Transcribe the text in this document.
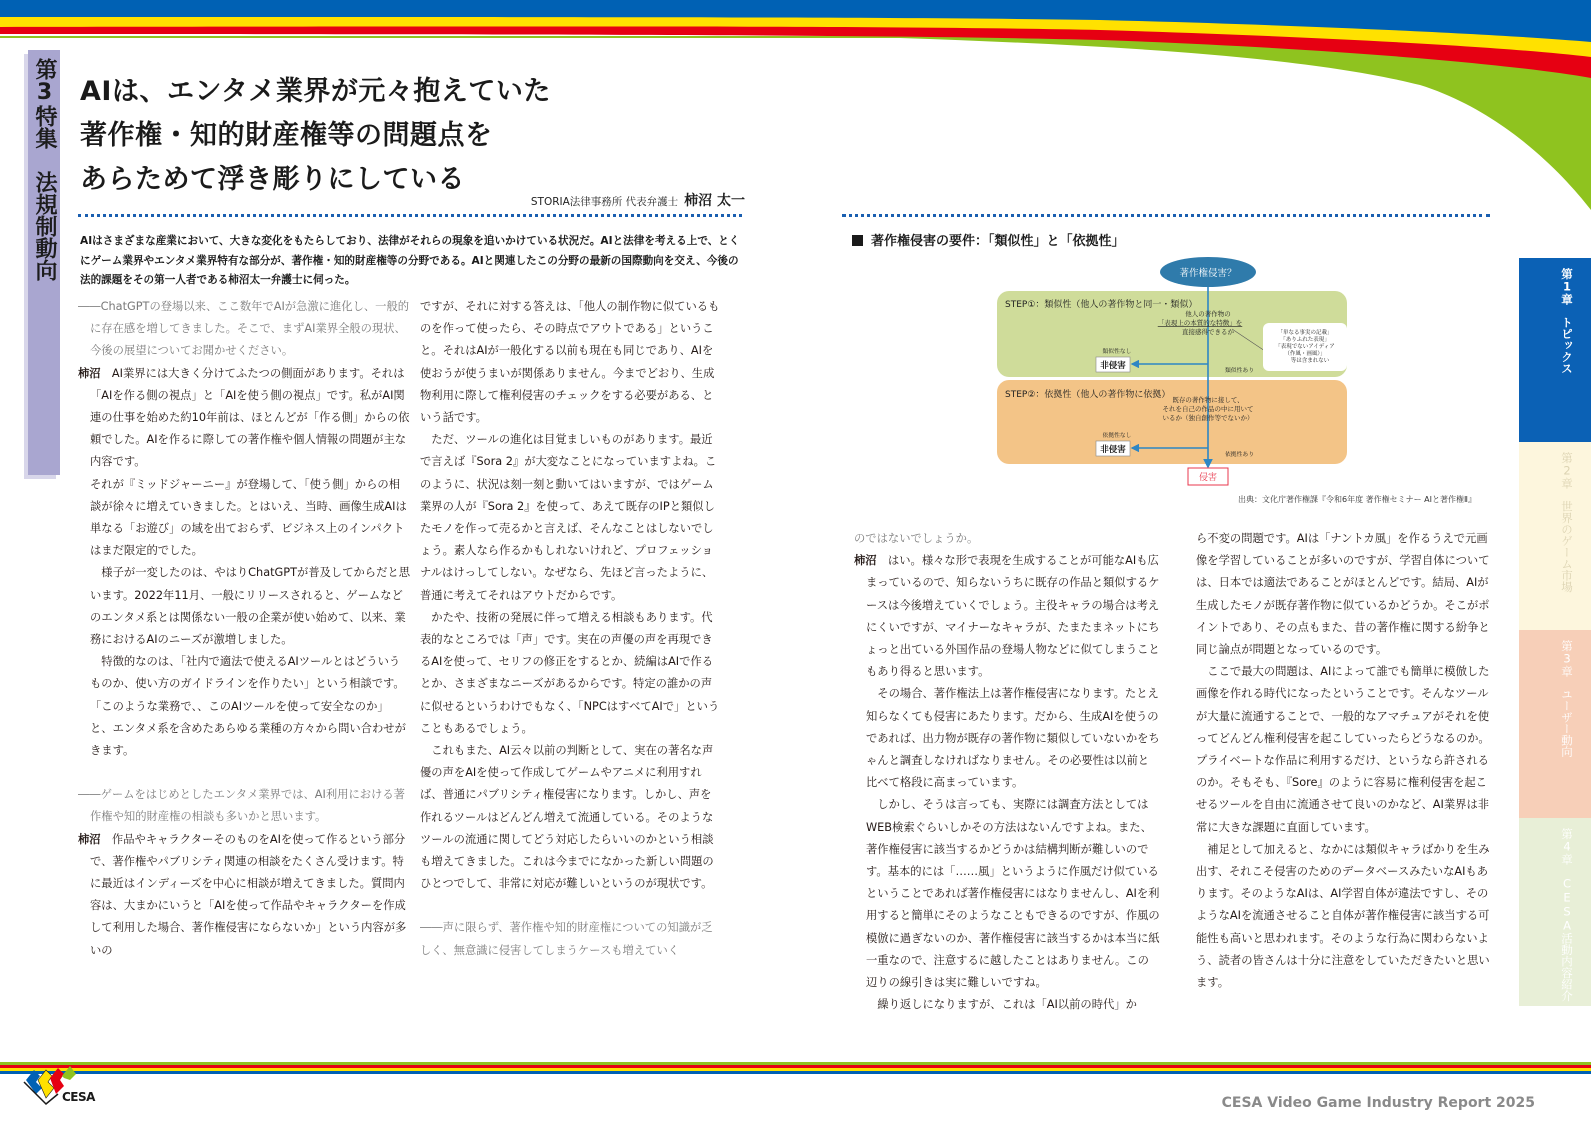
第3特集　法規制動向
AIは、エンタメ業界が元々抱えていた
著作権・知的財産権等の問題点を
あらためて浮き彫りにしている
STORIA法律事務所 代表弁護士 柿沼 太一

AIはさまざまな産業において、大きな変化をもたらしており、法律がそれらの現象を追いかけている状況だ。AIと法律を考える上で、とくにゲーム業界やエンタメ業界特有な部分が、著作権・知的財産権等の分野である。AIと関連したこの分野の最新の国際動向を交え、今後の法的課題をその第一人者である柿沼太一弁護士に伺った。

――ChatGPTの登場以来、ここ数年でAIが急激に進化し、一般的に存在感を増してきました。そこで、まずAI業界全般の現状、今後の展望についてお聞かせください。

柿沼　 AI業界には大きく分けてふたつの側面があります。それは「AIを作る側の視点」と「AIを使う側の視点」です。私がAI関連の仕事を始めた約10年前は、ほとんどが「作る側」からの依頼でした。AIを作るに際しての著作権や個人情報の問題が主な内容です。

それが『ミッドジャーニー』が登場して、「使う側」からの相談が徐々に増えていきました。とはいえ、当時、画像生成AIは単なる「お遊び」の域を出ておらず、ビジネス上のインパクトはまだ限定的でした。

様子が一変したのは、やはりChatGPTが普及してからだと思います。2022年11月、一般にリリースされると、ゲームなどのエンタメ系とは関係ない一般の企業が使い始めて、以来、業務におけるAIのニーズが激増しました。

特徴的なのは、「社内で適法で使えるAIツールとはどういうものか、使い方のガイドラインを作りたい」という相談です。「このような業務で、、このAIツールを使って安全なのか」と、エンタメ系を含めたあらゆる業種の方々から問い合わせがきます。

――ゲームをはじめとしたエンタメ業界では、AI利用における著作権や知的財産権の相談も多いかと思います。

柿沼　 作品やキャラクターそのものをAIを使って作るという部分で、著作権やパブリシティ関連の相談をたくさん受けます。特に最近はインディーズを中心に相談が増えてきました。質問内容は、大まかにいうと「AIを使って作品やキャラクターを作成して利用した場合、著作権侵害にならないか」という内容が多いの

ですが、それに対する答えは、「他人の制作物に似ているものを作って使ったら、その時点でアウトである」ということ。それはAIが一般化する以前も現在も同じであり、AIを使おうが使うまいが関係ありません。今までどおり、生成物利用に際して権利侵害のチェックをする必要がある、という話です。

ただ、ツールの進化は目覚ましいものがあります。最近で言えば『Sora 2』が大変なことになっていますよね。このように、状況は刻一刻と動いてはいますが、ではゲーム業界の人が『Sora 2』を使って、あえて既存のIPと類似したモノを作って売るかと言えば、そんなことはしないでしょう。素人なら作るかもしれないけれど、プロフェッショナルはけっしてしない。なぜなら、先ほど言ったように、普通に考えてそれはアウトだからです。

かたや、技術の発展に伴って増える相談もあります。代表的なところでは「声」です。実在の声優の声を再現できるAIを使って、セリフの修正をするとか、続編はAIで作るとか、さまざまなニーズがあるからです。特定の誰かの声に似せるというわけでもなく、「NPCはすべてAIで」ということもあるでしょう。

これもまた、AI云々以前の判断として、実在の著名な声優の声をAIを使って作成してゲームやアニメに利用すれば、普通にパブリシティ権侵害になります。しかし、声を作れるツールはどんどん増えて流通している。そのようなツールの流通に関してどう対応したらいいのかという相談も増えてきました。これは今までになかった新しい問題のひとつでして、非常に対応が難しいというのが現状です。

――声に限らず、著作権や知的財産権についての知識が乏しく、無意識に侵害してしまうケースも増えていく

著作権侵害の要件：「類似性」と「依拠性」
著作権侵害？
STEP①：類似性（他人の著作物と同一・類似）
他人の著作物の
「表現上の本質的な特徴」を
直接感得できるか	「単なる事実の記載」
「ありふれた表現」
「表現でないアイディア
（作風・画風）」
等は含まれない
類似性なし
非侵害	類似性あり
STEP②：依拠性（他人の著作物に依拠） 既存の著作物に接して、
それを自己の作品の中に用いて
いるか（独自創作等でないか）
依拠性なし
非侵害	依拠性あり
侵害
出典：文化庁著作権課『令和6年度 著作権セミナー AIと著作権Ⅱ』

のではないでしょうか。

柿沼　 はい。様々な形で表現を生成することが可能なAIも広まっているので、知らないうちに既存の作品と類似するケースは今後増えていくでしょう。主役キャラの場合は考えにくいですが、マイナーなキャラが、たまたまネットにちょっと出ている外国作品の登場人物などに似てしまうこともあり得ると思います。

その場合、著作権法上は著作権侵害になります。たとえ知らなくても侵害にあたります。だから、生成AIを使うのであれば、出力物が既存の著作物に類似していないかをちゃんと調査しなければなりません。その必要性は以前と比べて格段に高まっています。

しかし、そうは言っても、実際には調査方法としてはWEB検索ぐらいしかその方法はないんですよね。また、著作権侵害に該当するかどうかは結構判断が難しいのです。基本的には「……風」というように作風だけ似ているということであれば著作権侵害にはなりませんし、AIを利用すると簡単にそのようなこともできるのですが、作風の模倣に過ぎないのか、著作権侵害に該当するかは本当に紙一重なので、注意するに越したことはありません。この辺りの線引きは実に難しいですね。

繰り返しになりますが、これは「AI以前の時代」か

ら不変の問題です。AIは「ナントカ風」を作るうえで元画像を学習していることが多いのですが、学習自体については、日本では適法であることがほとんどです。結局、AIが生成したモノが既存著作物に似ているかどうか。そこがポイントであり、その点もまた、昔の著作権に関する紛争と同じ論点が問題となっているのです。

ここで最大の問題は、AIによって誰でも簡単に模倣した画像を作れる時代になったということです。そんなツールが大量に流通することで、一般的なアマチュアがそれを使ってどんどん権利侵害を起こしていったらどうなるのか。プライベートな作品に利用するだけ、というなら許されるのか。そもそも、『Sore』のように容易に権利侵害を起こせるツールを自由に流通させて良いのかなど、AI業界は非常に大きな課題に直面しています。

補足として加えると、なかには類似キャラばかりを生み出す、それこそ侵害のためのデータベースみたいなAIもあります。そのようなAIは、AI学習自体が違法ですし、そのようなAIを流通させること自体が著作権侵害に該当する可能性も高いと思われます。そのような行為に関わらないよう、読者の皆さんは十分に注意をしていただきたいと思います。

第1章　トピックス
第2章　世界のゲーム市場
第3章　ユーザー動向
第4章　CESA活動内容紹介
CESA	CESA Video Game Industry Report 2025
